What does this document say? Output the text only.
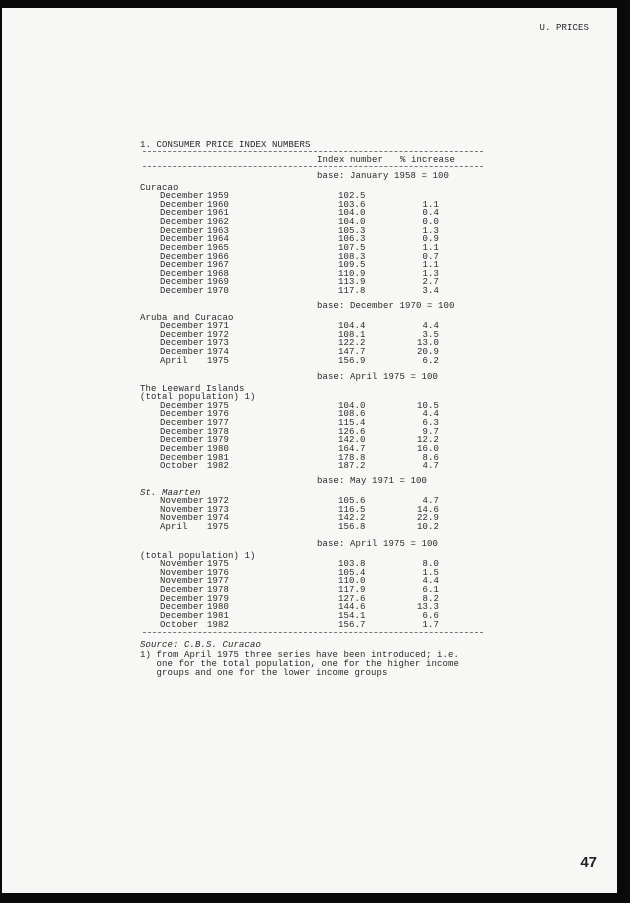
U. PRICES
1. CONSUMER PRICE INDEX NUMBERS
Index number % increase
base: January 1958 = 100
Curacao
December 1959	102.5
December 1960	103.6	1.1
December 1961	104.0	0.4
December 1962	104.0	0.0
December 1963	105.3	1.3
December 1964	106.3	0.9
December 1965	107.5	1.1
December 1966	108.3	0.7
December 1967	109.5	1.1
December 1968	110.9	1.3
December 1969	113.9	2.7
December 1970	117.8	3.4
base: December 1970 = 100
Aruba and Curacao
December 1971	104.4	4.4
December 1972	108.1	3.5
December 1973	122.2	13.0
December 1974	147.7	20.9
April 1975	156.9	6.2
base: April 1975 = 100
The Leeward Islands
(total population) 1)
December 1975	104.0	10.5
December 1976	108.6	4.4
December 1977	115.4	6.3
December 1978	126.6	9.7
December 1979	142.0	12.2
December 1980	164.7	16.0
December 1981	178.8	8.6
October 1982	187.2	4.7
base: May 1971 = 100
St. Maarten
November 1972	105.6	4.7
November 1973	116.5	14.6
November 1974	142.2	22.9
April 1975	156.8	10.2
base: April 1975 = 100
(total population) 1)
November 1975	103.8	8.0
November 1976	105.4	1.5
November 1977	110.0	4.4
December 1978	117.9	6.1
December 1979	127.6	8.2
December 1980	144.6	13.3
December 1981	154.1	6.6
October 1982	156.7	1.7
Source: C.B.S. Curacao
1) from April 1975 three series have been introduced; i.e.
one for the total population, one for the higher income
groups and one for the lower income groups
47
